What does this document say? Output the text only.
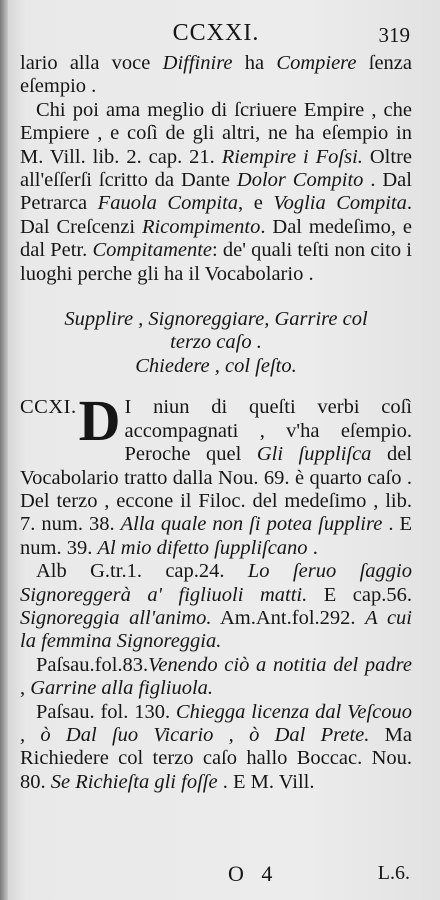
CCXXI.	319

lario alla voce Diffinire ha Compiere ſenza eſempio .

Chi poi ama meglio di ſcriuere Empire , che Empiere , e coſì de gli altri, ne ha eſempio in M. Vill. lib. 2. cap. 21. Riempire i Foſsi. Oltre all'eſſerſi ſcritto da Dante Dolor Compito . Dal Petrarca Fauola Compita, e Voglia Compita. Dal Creſcenzi Ricompimento. Dal medeſimo, e dal Petr. Compitamente: de' quali teſti non cito i luoghi perche gli ha il Vocabolario .

Supplire , Signoreggiare, Garrire col
terzo caſo .
Chiedere , col ſeſto.
CCXI. D I niun di queſti verbi coſì accompagnati , v'ha eſempio. Peroche quel Gli ſuppliſca del Vocabolario tratto dalla Nou. 69. è quarto caſo . Del terzo , eccone il Filoc. del medeſimo , lib. 7. num. 38. Alla quale non ſi potea ſupplire . E num. 39. Al mio difetto ſuppliſcano .

Alb G.tr.1. cap.24. Lo ſeruo ſaggio Signoreggerà a' figliuoli matti. E cap.56. Signoreggia all'animo. Am.Ant.fol.292. A cui la femmina Signoreggia.

Paſsau.fol.83.Venendo ciò a notitia del padre , Garrine alla figliuola.

Paſsau. fol. 130. Chiegga licenza dal Veſcouo , ò Dal ſuo Vicario , ò Dal Prete. Ma Richiedere col terzo caſo hallo Boccac. Nou. 80. Se Richieſta gli foſſe . E M. Vill.

O 4	L.6.
